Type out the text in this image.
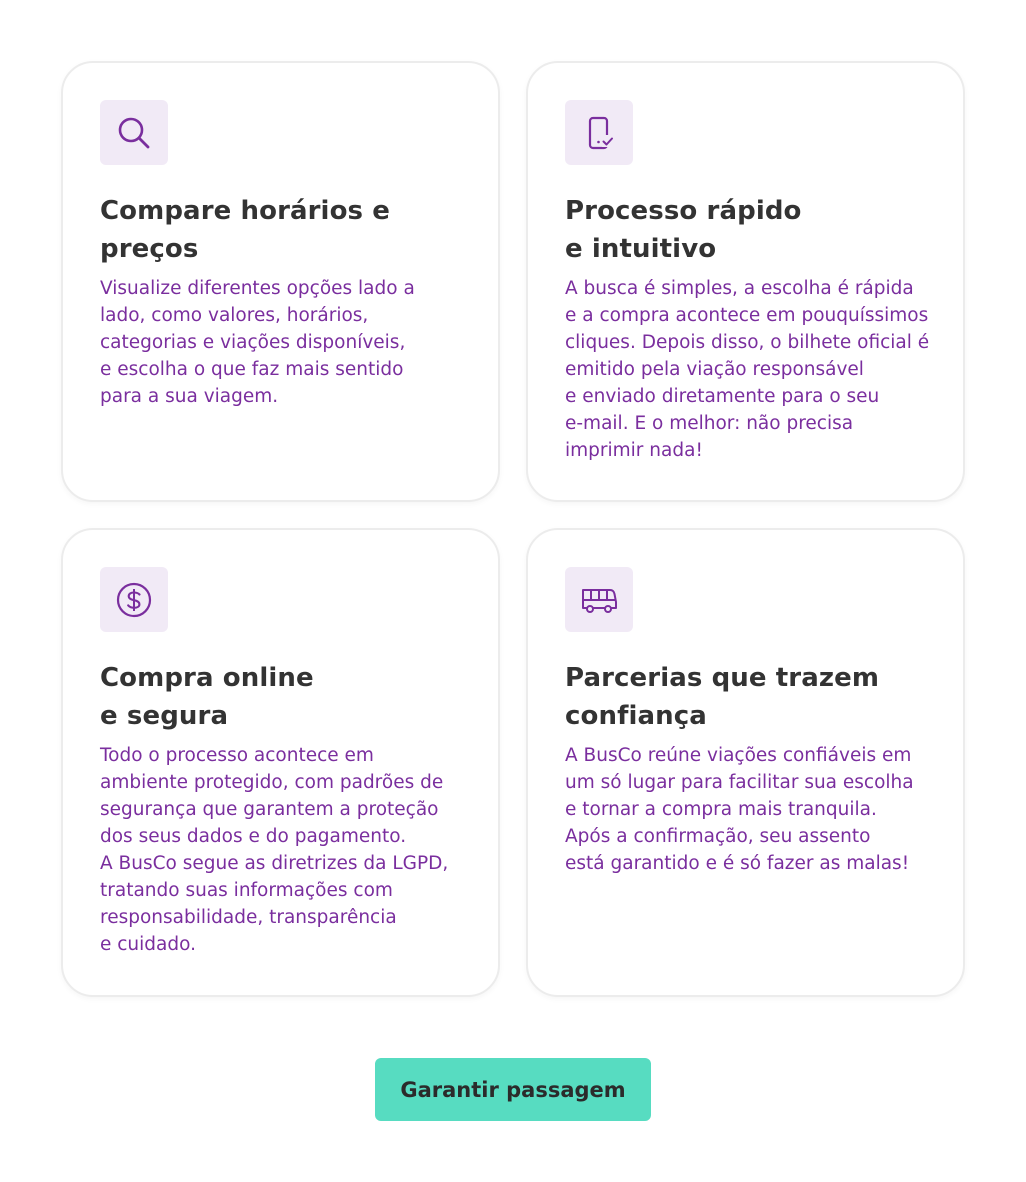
Compare horários e preços

Visualize diferentes opções lado a
lado, como valores, horários,
categorias e viações disponíveis,
e escolha o que faz mais sentido
para a sua viagem.

Processo rápido
e intuitivo

A busca é simples, a escolha é rápida
e a compra acontece em pouquíssimos
cliques. Depois disso, o bilhete oficial é
emitido pela viação responsável
e enviado diretamente para o seu
e-mail. E o melhor: não precisa
imprimir nada!

Compra online
e segura

Todo o processo acontece em
ambiente protegido, com padrões de
segurança que garantem a proteção
dos seus dados e do pagamento.
A BusCo segue as diretrizes da LGPD,
tratando suas informações com
responsabilidade, transparência
e cuidado.

Parcerias que trazem
confiança

A BusCo reúne viações confiáveis em
um só lugar para facilitar sua escolha
e tornar a compra mais tranquila.
Após a confirmação, seu assento
está garantido e é só fazer as malas!

Garantir passagem
